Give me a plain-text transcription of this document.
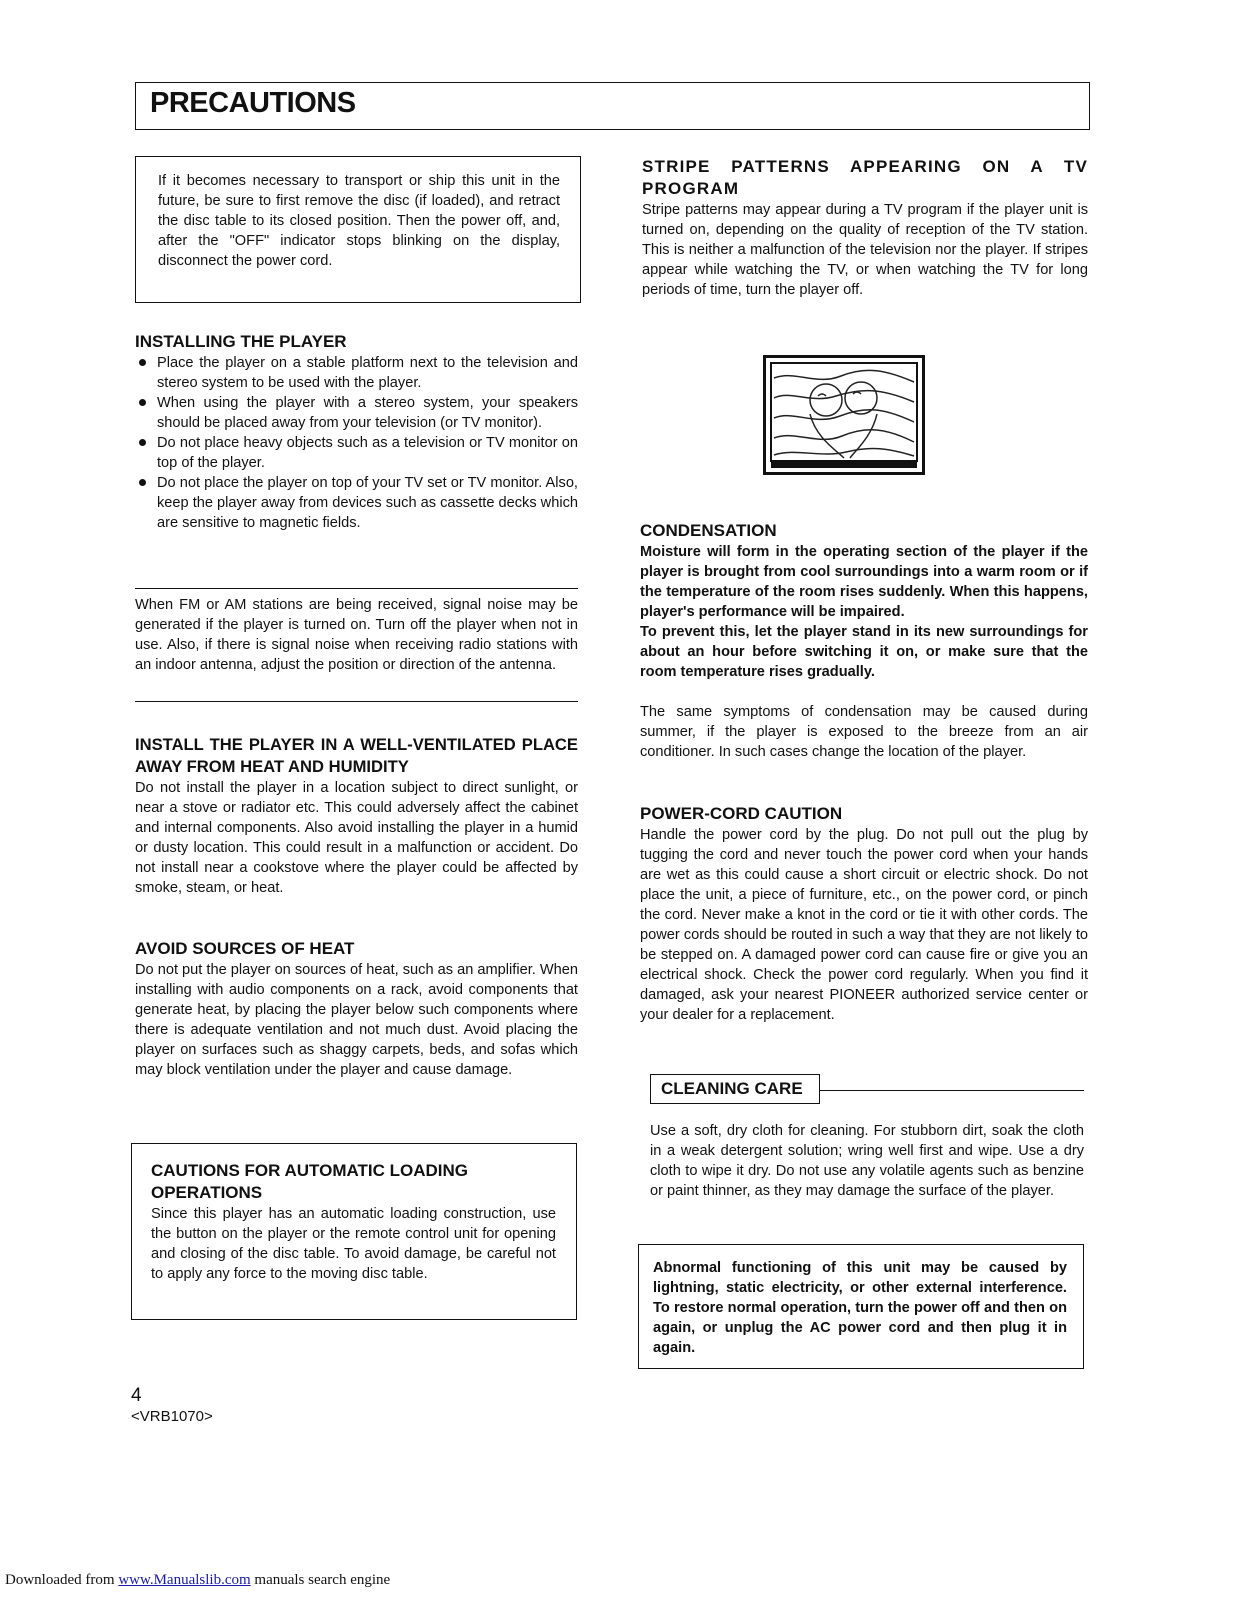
PRECAUTIONS

If it becomes necessary to transport or ship this unit in the future, be sure to first remove the disc (if loaded), and retract the disc table to its closed position. Then the power off, and, after the "OFF" indicator stops blinking on the display, disconnect the power cord.

INSTALLING THE PLAYER

Place the player on a stable platform next to the television and stereo system to be used with the player.
When using the player with a stereo system, your speakers should be placed away from your television (or TV monitor).
Do not place heavy objects such as a television or TV monitor on top of the player.
Do not place the player on top of your TV set or TV monitor. Also, keep the player away from devices such as cassette decks which are sensitive to magnetic fields.

When FM or AM stations are being received, signal noise may be generated if the player is turned on. Turn off the player when not in use. Also, if there is signal noise when receiving radio stations with an indoor antenna, adjust the position or direction of the antenna.

INSTALL THE PLAYER IN A WELL-VENTILATED PLACE AWAY FROM HEAT AND HUMIDITY

Do not install the player in a location subject to direct sunlight, or near a stove or radiator etc. This could adversely affect the cabinet and internal components. Also avoid installing the player in a humid or dusty location. This could result in a malfunction or accident. Do not install near a cookstove where the player could be affected by smoke, steam, or heat.

AVOID SOURCES OF HEAT

Do not put the player on sources of heat, such as an amplifier. When installing with audio components on a rack, avoid components that generate heat, by placing the player below such components where there is adequate ventilation and not much dust. Avoid placing the player on surfaces such as shaggy carpets, beds, and sofas which may block ventilation under the player and cause damage.

CAUTIONS FOR AUTOMATIC LOADING OPERATIONS

Since this player has an automatic loading construction, use the button on the player or the remote control unit for opening and closing of the disc table. To avoid damage, be careful not to apply any force to the moving disc table.

STRIPE PATTERNS APPEARING ON A TV PROGRAM

Stripe patterns may appear during a TV program if the player unit is turned on, depending on the quality of reception of the TV station. This is neither a malfunction of the television nor the player. If stripes appear while watching the TV, or when watching the TV for long periods of time, turn the player off.

CONDENSATION

Moisture will form in the operating section of the player if the player is brought from cool surroundings into a warm room or if the temperature of the room rises suddenly. When this happens, player's performance will be impaired.

To prevent this, let the player stand in its new surroundings for about an hour before switching it on, or make sure that the room temperature rises gradually.

The same symptoms of condensation may be caused during summer, if the player is exposed to the breeze from an air conditioner. In such cases change the location of the player.

POWER-CORD CAUTION

Handle the power cord by the plug. Do not pull out the plug by tugging the cord and never touch the power cord when your hands are wet as this could cause a short circuit or electric shock. Do not place the unit, a piece of furniture, etc., on the power cord, or pinch the cord. Never make a knot in the cord or tie it with other cords. The power cords should be routed in such a way that they are not likely to be stepped on. A damaged power cord can cause fire or give you an electrical shock. Check the power cord regularly. When you find it damaged, ask your nearest PIONEER authorized service center or your dealer for a replacement.

CLEANING CARE

Use a soft, dry cloth for cleaning. For stubborn dirt, soak the cloth in a weak detergent solution; wring well first and wipe. Use a dry cloth to wipe it dry. Do not use any volatile agents such as benzine or paint thinner, as they may damage the surface of the player.

Abnormal functioning of this unit may be caused by lightning, static electricity, or other external interference. To restore normal operation, turn the power off and then on again, or unplug the AC power cord and then plug it in again.

4
<VRB1070>
Downloaded from www.Manualslib.com manuals search engine
